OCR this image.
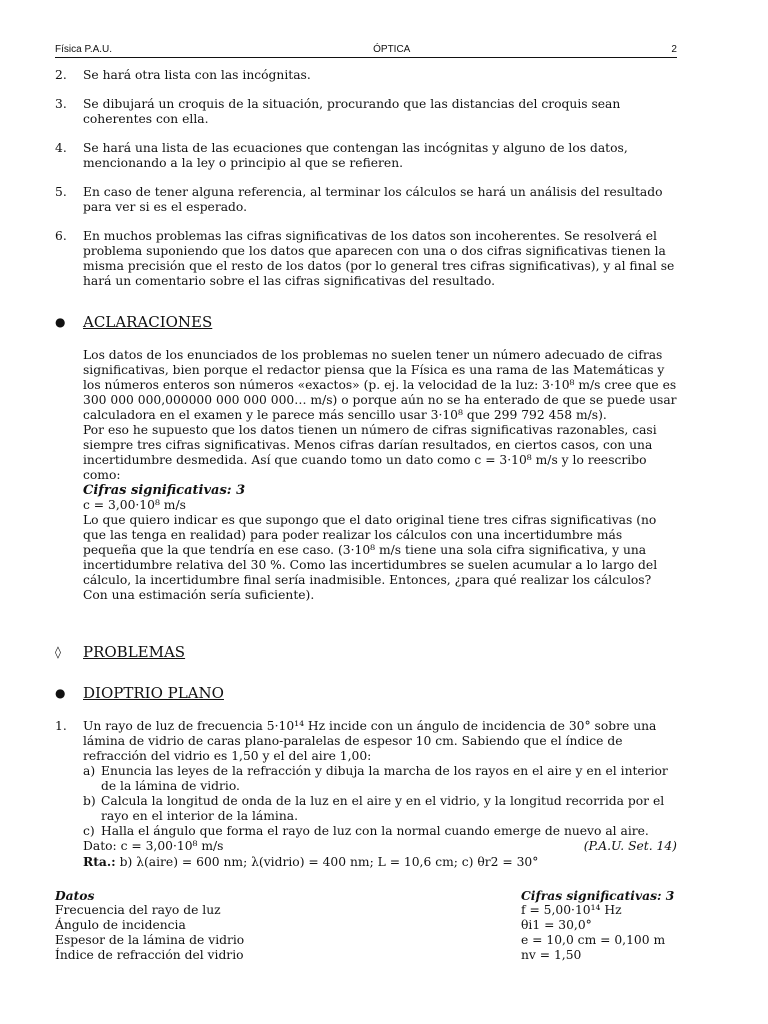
Física P.A.U.	ÓPTICA	2
2.	Se hará otra lista con las incógnitas.
3.	Se dibujará un croquis de la situación, procurando que las distancias del croquis sean coherentes con ella.
4.	Se hará una lista de las ecuaciones que contengan las incógnitas y alguno de los datos, mencionando a la ley o principio al que se refieren.
5.	En caso de tener alguna referencia, al terminar los cálculos se hará un análisis del resultado para ver si es el esperado.
6.	En muchos problemas las cifras significativas de los datos son incoherentes. Se resolverá el problema suponiendo que los datos que aparecen con una o dos cifras significativas tienen la misma precisión que el resto de los datos (por lo general tres cifras significativas), y al final se hará un comentario sobre el las cifras significativas del resultado.
●	ACLARACIONES
Los datos de los enunciados de los problemas no suelen tener un número adecuado de cifras significativas, bien porque el redactor piensa que la Física es una rama de las Matemáticas y los números enteros son números «exactos» (p. ej. la velocidad de la luz: 3·10⁸ m/s cree que es 300 000 000,000000 000 000 000… m/s) o porque aún no se ha enterado de que se puede usar calculadora en el examen y le parece más sencillo usar 3·10⁸ que 299 792 458 m/s).
Por eso he supuesto que los datos tienen un número de cifras significativas razonables, casi siempre tres cifras significativas. Menos cifras darían resultados, en ciertos casos, con una incertidumbre desmedida. Así que cuando tomo un dato como c = 3·10⁸ m/s y lo reescribo como:
Cifras significativas: 3
c = 3,00·10⁸ m/s
Lo que quiero indicar es que supongo que el dato original tiene tres cifras significativas (no que las tenga en realidad) para poder realizar los cálculos con una incertidumbre más pequeña que la que tendría en ese caso. (3·10⁸ m/s tiene una sola cifra significativa, y una incertidumbre relativa del 30 %. Como las incertidumbres se suelen acumular a lo largo del cálculo, la incertidumbre final sería inadmisible. Entonces, ¿para qué realizar los cálculos? Con una estimación sería suficiente).
◊	PROBLEMAS
●	DIOPTRIO PLANO
1.	Un rayo de luz de frecuencia 5·10¹⁴ Hz incide con un ángulo de incidencia de 30° sobre una lámina de vidrio de caras plano-paralelas de espesor 10 cm. Sabiendo que el índice de refracción del vidrio es 1,50 y el del aire 1,00:
a) Enuncia las leyes de la refracción y dibuja la marcha de los rayos en el aire y en el interior de la lámina de vidrio.
b) Calcula la longitud de onda de la luz en el aire y en el vidrio, y la longitud recorrida por el rayo en el interior de la lámina.
c) Halla el ángulo que forma el rayo de luz con la normal cuando emerge de nuevo al aire.
Dato: c = 3,00·10⁸ m/s	(P.A.U. Set. 14)
Rta.: b) λ(aire) = 600 nm; λ(vidrio) = 400 nm; L = 10,6 cm; c) θr2 = 30°
Datos	Cifras significativas: 3
Frecuencia del rayo de luz	f = 5,00·10¹⁴ Hz
Ángulo de incidencia	θi1 = 30,0°
Espesor de la lámina de vidrio	e = 10,0 cm = 0,100 m
Índice de refracción del vidrio	nv = 1,50
